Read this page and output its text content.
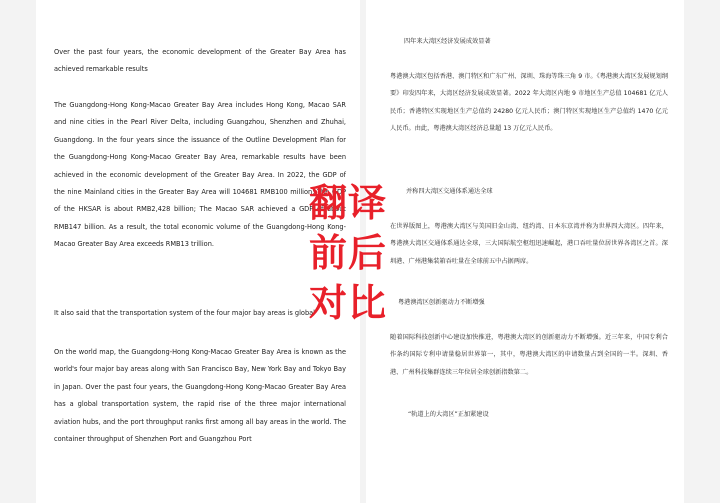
Over the past four years, the economic development of the Greater Bay Area has achieved remarkable results

The Guangdong-Hong Kong-Macao Greater Bay Area includes Hong Kong, Macao SAR and nine cities in the Pearl River Delta, including Guangzhou, Shenzhen and Zhuhai, Guangdong. In the four years since the issuance of the Outline Development Plan for the Guangdong-Hong Kong-Macao Greater Bay Area, remarkable results have been achieved in the economic development of the Greater Bay Area. In 2022, the GDP of the nine Mainland cities in the Greater Bay Area will 104681 RMB100 million; The GDP of the HKSAR is about RMB2,428 billion; The Macao SAR achieved a GDP of about RMB147 billion. As a result, the total economic volume of the Guangdong-Hong Kong-Macao Greater Bay Area exceeds RMB13 trillion.

It also said that the transportation system of the four major bay areas is global

On the world map, the Guangdong-Hong Kong-Macao Greater Bay Area is known as the world's four major bay areas along with San Francisco Bay, New York Bay and Tokyo Bay in Japan. Over the past four years, the Guangdong-Hong Kong-Macao Greater Bay Area has a global transportation system, the rapid rise of the three major international aviation hubs, and the port throughput ranks first among all bay areas in the world. The container throughput of Shenzhen Port and Guangzhou Port

四年来大湾区经济发展成效显著

粤港澳大湾区包括香港、澳门特区和广东广州、深圳、珠海等珠三角 9 市。《粤港澳大湾区发展规划纲要》印发四年来，大湾区经济发展成效显著。2022 年大湾区内地 9 市地区生产总值 104681 亿元人民币；香港特区实现地区生产总值约 24280 亿元人民币；澳门特区实现地区生产总值约 1470 亿元人民币。由此，粤港澳大湾区经济总量超 13 万亿元人民币。

并称四大湾区交通体系通达全球

在世界版图上，粤港澳大湾区与美国旧金山湾、纽约湾、日本东京湾并称为世界四大湾区。四年来，粤港澳大湾区交通体系通达全球，三大国际航空枢纽迅速崛起，港口吞吐量位居世界各湾区之首。深圳港、广州港集装箱吞吐量在全球前五中占据两席。

粤港澳湾区创新驱动力不断增强

随着国际科技创新中心建设加快推进，粤港澳大湾区的创新驱动力不断增强。近三年来，中国专利合作条约国际专利申请量稳居世界第一，其中，粤港澳大湾区的申请数量占到全国的一半。深圳、香港、广州科技集群连续三年位居全球创新指数第二。

“轨道上的大湾区”正加紧建设

翻译
前后
对比
